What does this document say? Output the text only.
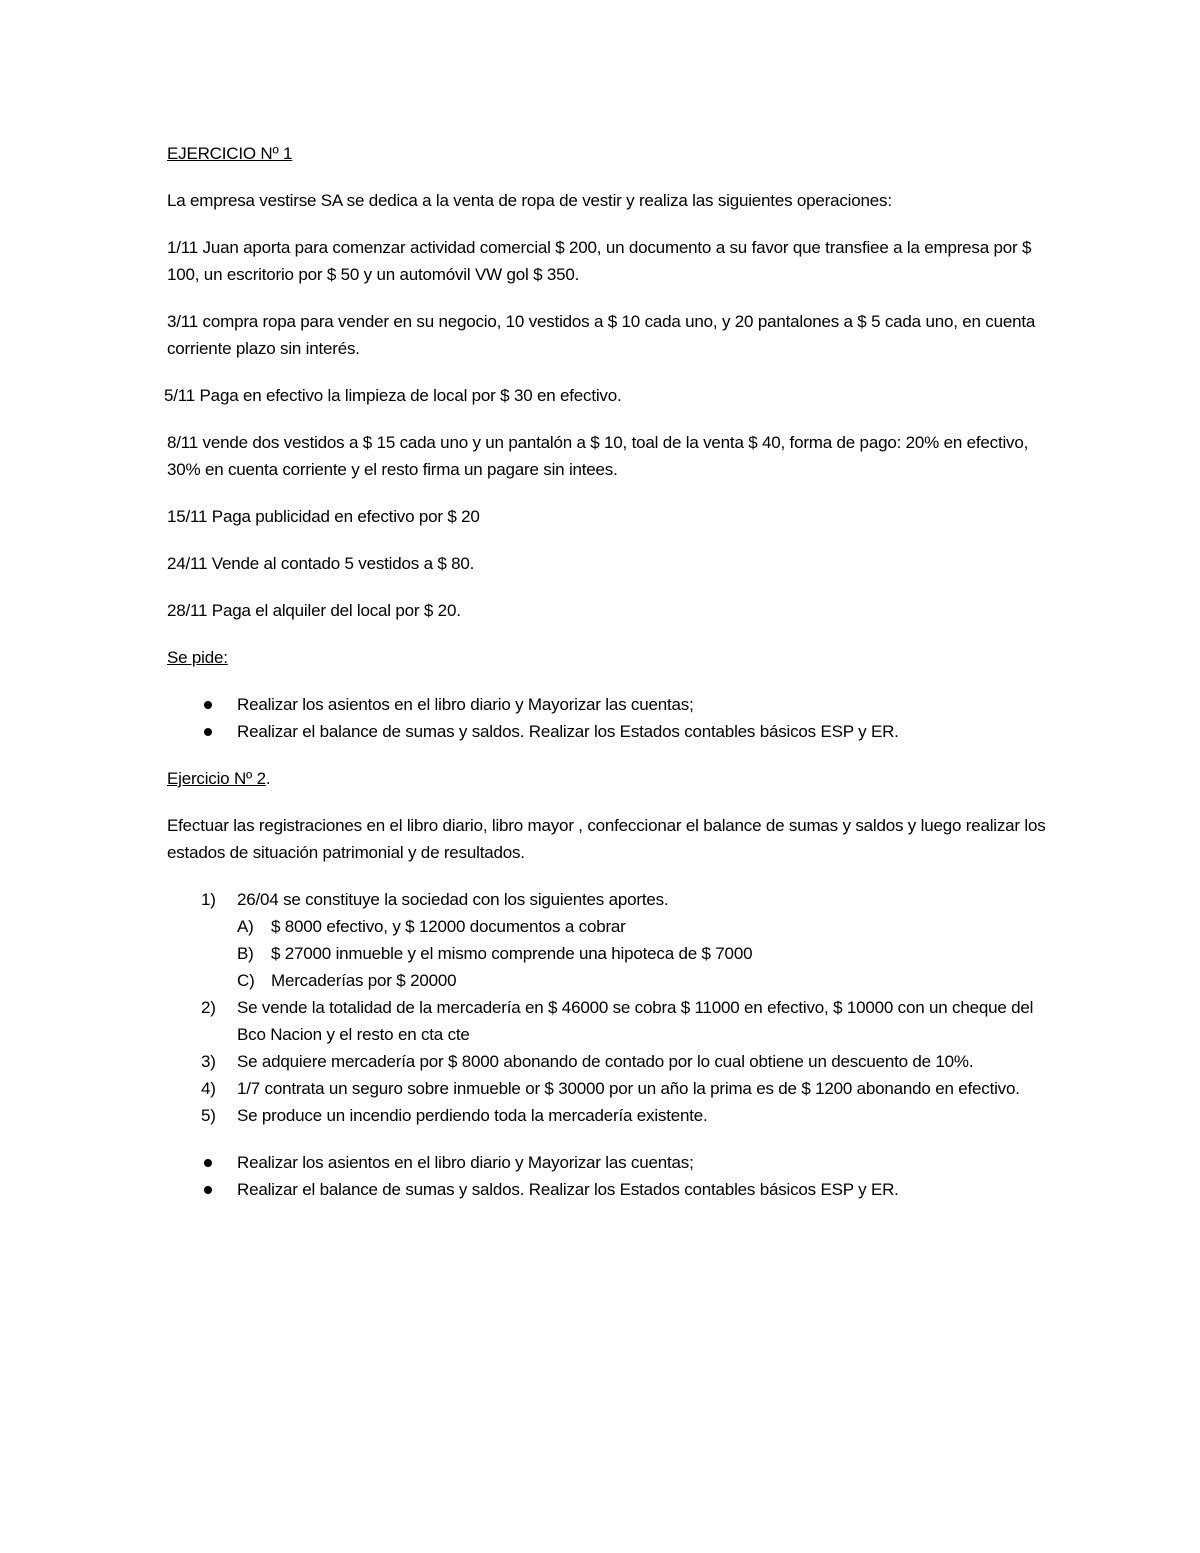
EJERCICIO Nº 1

La empresa vestirse SA se dedica a la venta de ropa de vestir y realiza las siguientes operaciones:

1/11 Juan aporta para comenzar actividad comercial $ 200, un documento a su favor que transfiee a la empresa por $ 100, un escritorio por $ 50 y un automóvil VW gol $ 350.

3/11 compra ropa para vender en su negocio, 10 vestidos a $ 10 cada uno, y 20 pantalones a $ 5 cada uno, en cuenta corriente plazo sin interés.

5/11 Paga en efectivo la limpieza de local por $ 30 en efectivo.

8/11 vende dos vestidos a $ 15 cada uno y un pantalón a $ 10, toal de la venta $ 40, forma de pago: 20% en efectivo, 30% en cuenta corriente y el resto firma un pagare sin intees.

15/11 Paga publicidad en efectivo por $ 20

24/11 Vende al contado 5 vestidos a $ 80.

28/11 Paga el alquiler del local por $ 20.

Se pide:

Realizar los asientos en el libro diario y Mayorizar las cuentas;
Realizar el balance de sumas y saldos. Realizar los Estados contables básicos ESP y ER.

Ejercicio Nº 2.

Efectuar las registraciones en el libro diario, libro mayor , confeccionar el balance de sumas y saldos y luego realizar los estados de situación patrimonial y de resultados.

1) 26/04 se constituye la sociedad con los siguientes aportes.
A) $ 8000 efectivo, y $ 12000 documentos a cobrar
B) $ 27000 inmueble y el mismo comprende una hipoteca de $ 7000
C) Mercaderías por $ 20000
2) Se vende la totalidad de la mercadería en $ 46000 se cobra $ 11000 en efectivo, $ 10000 con un cheque del Bco Nacion y el resto en cta cte
3) Se adquiere mercadería por $ 8000 abonando de contado por lo cual obtiene un descuento de 10%.
4) 1/7 contrata un seguro sobre inmueble or $ 30000 por un año la prima es de $ 1200 abonando en efectivo.
5) Se produce un incendio perdiendo toda la mercadería existente.
Realizar los asientos en el libro diario y Mayorizar las cuentas;
Realizar el balance de sumas y saldos. Realizar los Estados contables básicos ESP y ER.
